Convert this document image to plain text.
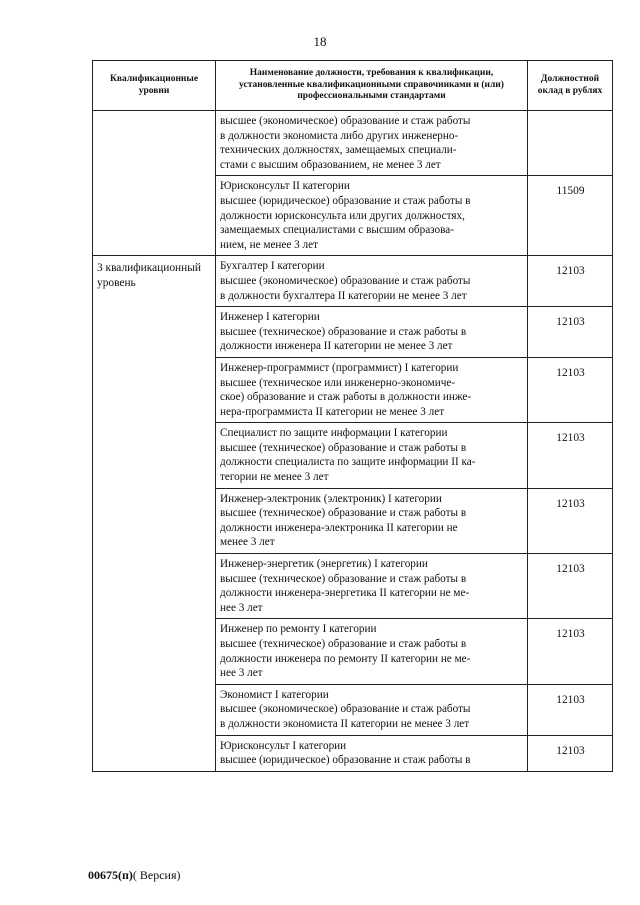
18
Квалификационные уровни	Наименование должности, требования к квалификации, установленные квалификационными справочниками и (или) профессиональными стандартами	Должностной оклад в рублях

	высшее (экономическое) образование и стаж работы
в должности экономиста либо других инженерно-
технических должностях, замещаемых специали-
стами с высшим образованием, не менее 3 лет	

	Юрисконсульт II категории
высшее (юридическое) образование и стаж работы в
должности юрисконсульта или других должностях,
замещаемых специалистами с высшим образова-
нием, не менее 3 лет	11509
3 квалификационный уровень	Бухгалтер I категории
высшее (экономическое) образование и стаж работы
в должности бухгалтера II категории не менее 3 лет	12103

	Инженер I категории
высшее (техническое) образование и стаж работы в
должности инженера II категории не менее 3 лет	12103

	Инженер-программист (программист) I категории
высшее (техническое или инженерно-экономиче-
ское) образование и стаж работы в должности инже-
нера-программиста II категории не менее 3 лет	12103

	Специалист по защите информации I категории
высшее (техническое) образование и стаж работы в
должности специалиста по защите информации II ка-
тегории не менее 3 лет	12103

	Инженер-электроник (электроник) I категории
высшее (техническое) образование и стаж работы в
должности инженера-электроника II категории не
менее 3 лет	12103

	Инженер-энергетик (энергетик) I категории
высшее (техническое) образование и стаж работы в
должности инженера-энергетика II категории не ме-
нее 3 лет	12103

	Инженер по ремонту I категории
высшее (техническое) образование и стаж работы в
должности инженера по ремонту II категории не ме-
нее 3 лет	12103

	Экономист I категории
высшее (экономическое) образование и стаж работы
в должности экономиста II категории не менее 3 лет	12103

	Юрисконсульт I категории
высшее (юридическое) образование и стаж работы в	12103
00675(п)( Версия)
